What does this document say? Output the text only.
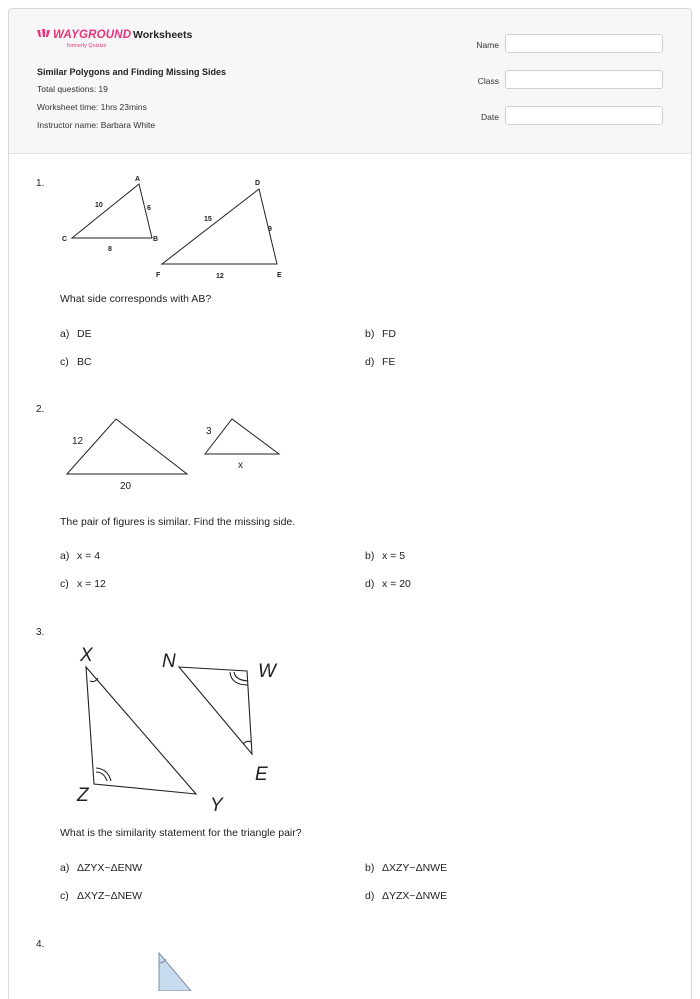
WAYGROUND
formerly Quizizz
Worksheets
Similar Polygons and Finding Missing Sides
Total questions: 19
Worksheet time: 1hrs 23mins
Instructor name: Barbara White
Name
Class
Date
1.	A
B
C
10	6
8
D
E
F
15
9
12
What side corresponds with AB?
a) DE	b) FD
c) BC	d) FE
2.
12
20
3
x
The pair of figures is similar. Find the missing side.
a) x = 4	b) x = 5
c) x = 12	d) x = 20
3.
X
Z	Y
N	W
E
What is the similarity statement for the triangle pair?
a) ΔZYX~ΔENW	b) ΔXZY~ΔNWE
c) ΔXYZ~ΔNEW	d) ΔYZX~ΔNWE
4.
